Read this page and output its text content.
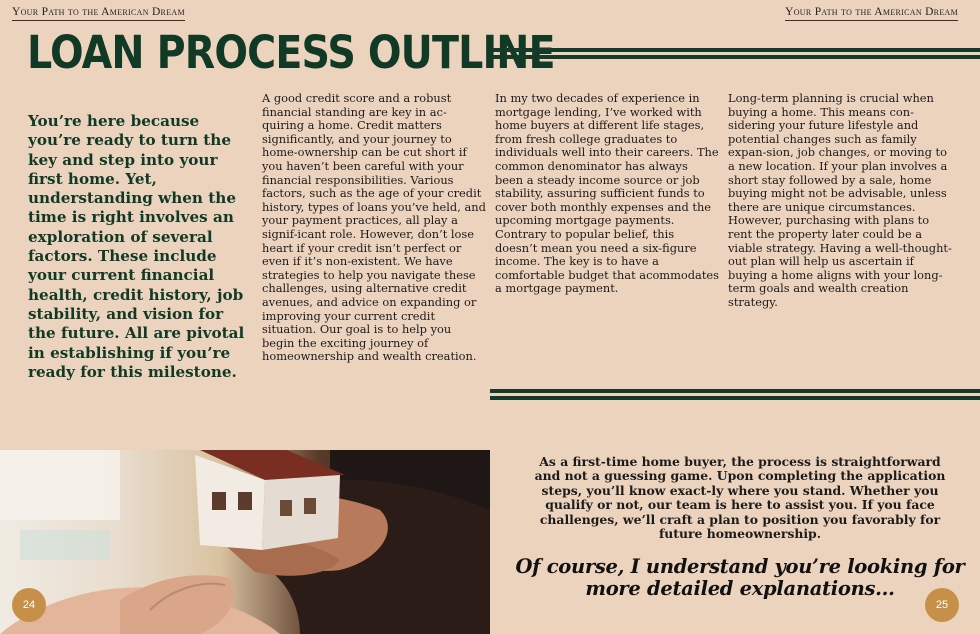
Your Path to the American Dream	Your Path to the American Dream
LOAN PROCESS OUTLINE

You’re here because you’re ready to turn the key and step into your first home. Yet, understanding when the time is right involves an exploration of several factors. These include your current financial health, credit history, job stability, and vision for the future. All are pivotal in establishing if you’re ready for this milestone.

A good credit score and a robust financial standing are key in ac-quiring a home. Credit matters significantly, and your journey to home-ownership can be cut short if you haven’t been careful with your financial responsibilities. Various factors, such as the age of your credit history, types of loans you’ve held, and your payment practices, all play a signif-icant role. However, don’t lose heart if your credit isn’t perfect or even if it’s non-existent. We have strategies to help you navigate these challenges, using alternative credit avenues, and advice on expanding or improving your current credit situation. Our goal is to help you begin the exciting journey of homeownership and wealth creation.

In my two decades of experience in mortgage lending, I’ve worked with home buyers at different life stages, from fresh college graduates to individuals well into their careers. The common denominator has always been a steady income source or job stability, assuring sufficient funds to cover both monthly expenses and the upcoming mortgage payments. Contrary to popular belief, this doesn’t mean you need a six-figure income. The key is to have a comfortable budget that acommodates a mortgage payment.

Long-term planning is crucial when buying a home. This means con-sidering your future lifestyle and potential changes such as family expan-sion, job changes, or moving to a new location. If your plan involves a short stay followed by a sale, home buying might not be advisable, unless there are unique circumstances. However, purchasing with plans to rent the property later could be a viable strategy. Having a well-thought-out plan will help us ascertain if buying a home aligns with your long-term goals and wealth creation strategy.

24	25

As a first-time home buyer, the process is straightforward and not a guessing game. Upon completing the application steps, you’ll know exact-ly where you stand. Whether you qualify or not, our team is here to assist you. If you face challenges, we’ll craft a plan to position you favorably for future homeownership.

Of course, I understand you’re looking for more detailed explanations...
